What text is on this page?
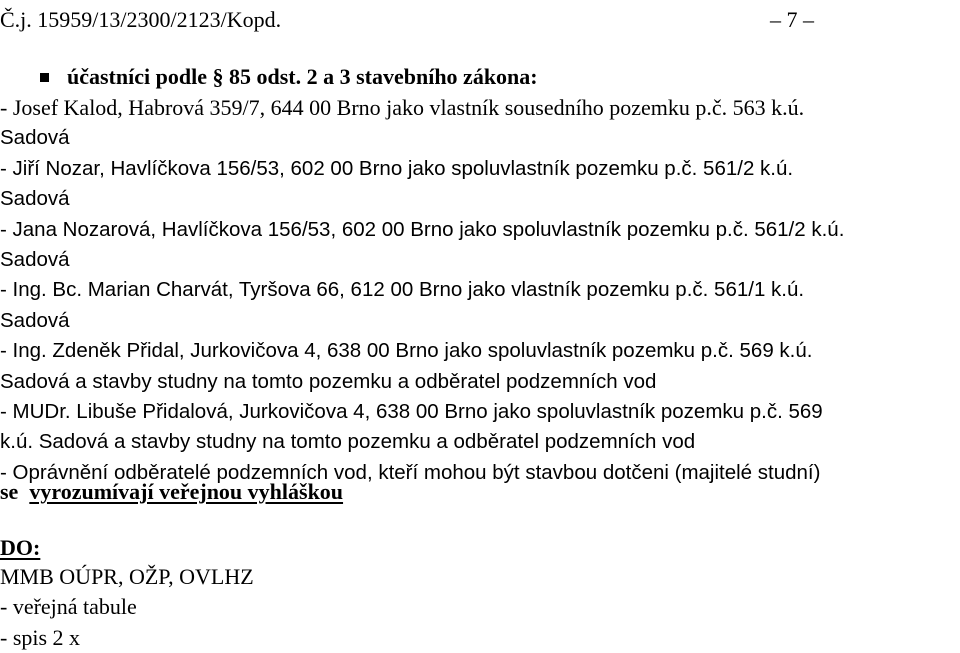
Č.j. 15959/13/2300/2123/Kopd.	– 7 –
účastníci podle § 85 odst. 2 a 3 stavebního zákona:
- Josef Kalod, Habrová 359/7, 644 00 Brno jako vlastník sousedního pozemku p.č. 563 k.ú.
Sadová
- Jiří Nozar, Havlíčkova 156/53, 602 00 Brno jako spoluvlastník pozemku p.č. 561/2 k.ú.
Sadová
- Jana Nozarová, Havlíčkova 156/53, 602 00 Brno jako spoluvlastník pozemku p.č. 561/2 k.ú.
Sadová
- Ing. Bc. Marian Charvát, Tyršova 66, 612 00 Brno jako vlastník pozemku p.č. 561/1 k.ú.
Sadová
- Ing. Zdeněk Přidal, Jurkovičova 4, 638 00 Brno jako spoluvlastník pozemku p.č. 569 k.ú.
Sadová a stavby studny na tomto pozemku a odběratel podzemních vod
- MUDr. Libuše Přidalová, Jurkovičova 4, 638 00 Brno jako spoluvlastník pozemku p.č. 569
k.ú. Sadová a stavby studny na tomto pozemku a odběratel podzemních vod
- Oprávnění odběratelé podzemních vod, kteří mohou být stavbou dotčeni (majitelé studní)
se vyrozumívají veřejnou vyhláškou
DO:
MMB OÚPR, OŽP, OVLHZ
- veřejná tabule
- spis 2 x
